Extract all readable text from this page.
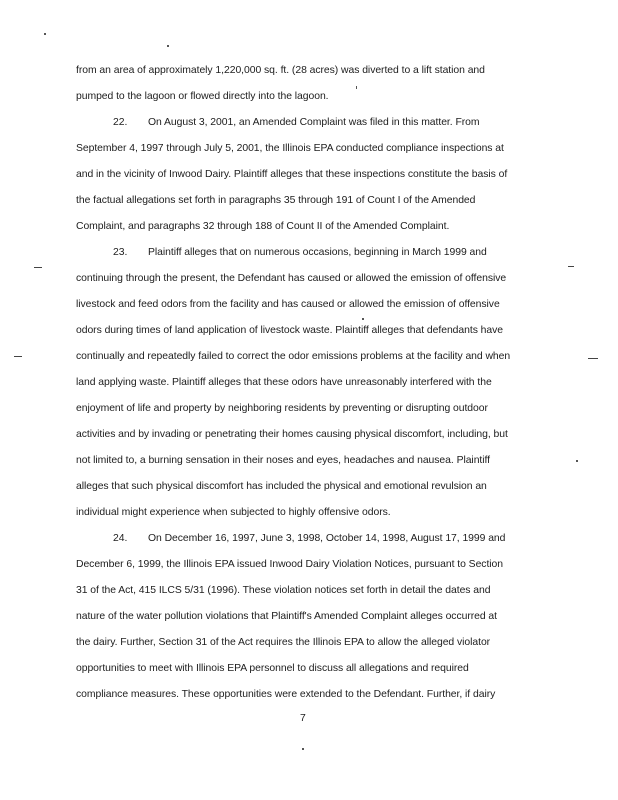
from an area of approximately 1,220,000 sq. ft. (28 acres) was diverted to a lift station and
pumped to the lagoon or flowed directly into the lagoon.
22. On August 3, 2001, an Amended Complaint was filed in this matter. From
September 4, 1997 through July 5, 2001, the Illinois EPA conducted compliance inspections at
and in the vicinity of Inwood Dairy. Plaintiff alleges that these inspections constitute the basis of
the factual allegations set forth in paragraphs 35 through 191 of Count I of the Amended
Complaint, and paragraphs 32 through 188 of Count II of the Amended Complaint.
23. Plaintiff alleges that on numerous occasions, beginning in March 1999 and
continuing through the present, the Defendant has caused or allowed the emission of offensive
livestock and feed odors from the facility and has caused or allowed the emission of offensive
odors during times of land application of livestock waste. Plaintiff alleges that defendants have
continually and repeatedly failed to correct the odor emissions problems at the facility and when
land applying waste. Plaintiff alleges that these odors have unreasonably interfered with the
enjoyment of life and property by neighboring residents by preventing or disrupting outdoor
activities and by invading or penetrating their homes causing physical discomfort, including, but
not limited to, a burning sensation in their noses and eyes, headaches and nausea. Plaintiff
alleges that such physical discomfort has included the physical and emotional revulsion an
individual might experience when subjected to highly offensive odors.
24. On December 16, 1997, June 3, 1998, October 14, 1998, August 17, 1999 and
December 6, 1999, the Illinois EPA issued Inwood Dairy Violation Notices, pursuant to Section
31 of the Act, 415 ILCS 5/31 (1996). These violation notices set forth in detail the dates and
nature of the water pollution violations that Plaintiff's Amended Complaint alleges occurred at
the dairy. Further, Section 31 of the Act requires the Illinois EPA to allow the alleged violator
opportunities to meet with Illinois EPA personnel to discuss all allegations and required
compliance measures. These opportunities were extended to the Defendant. Further, if dairy
7
